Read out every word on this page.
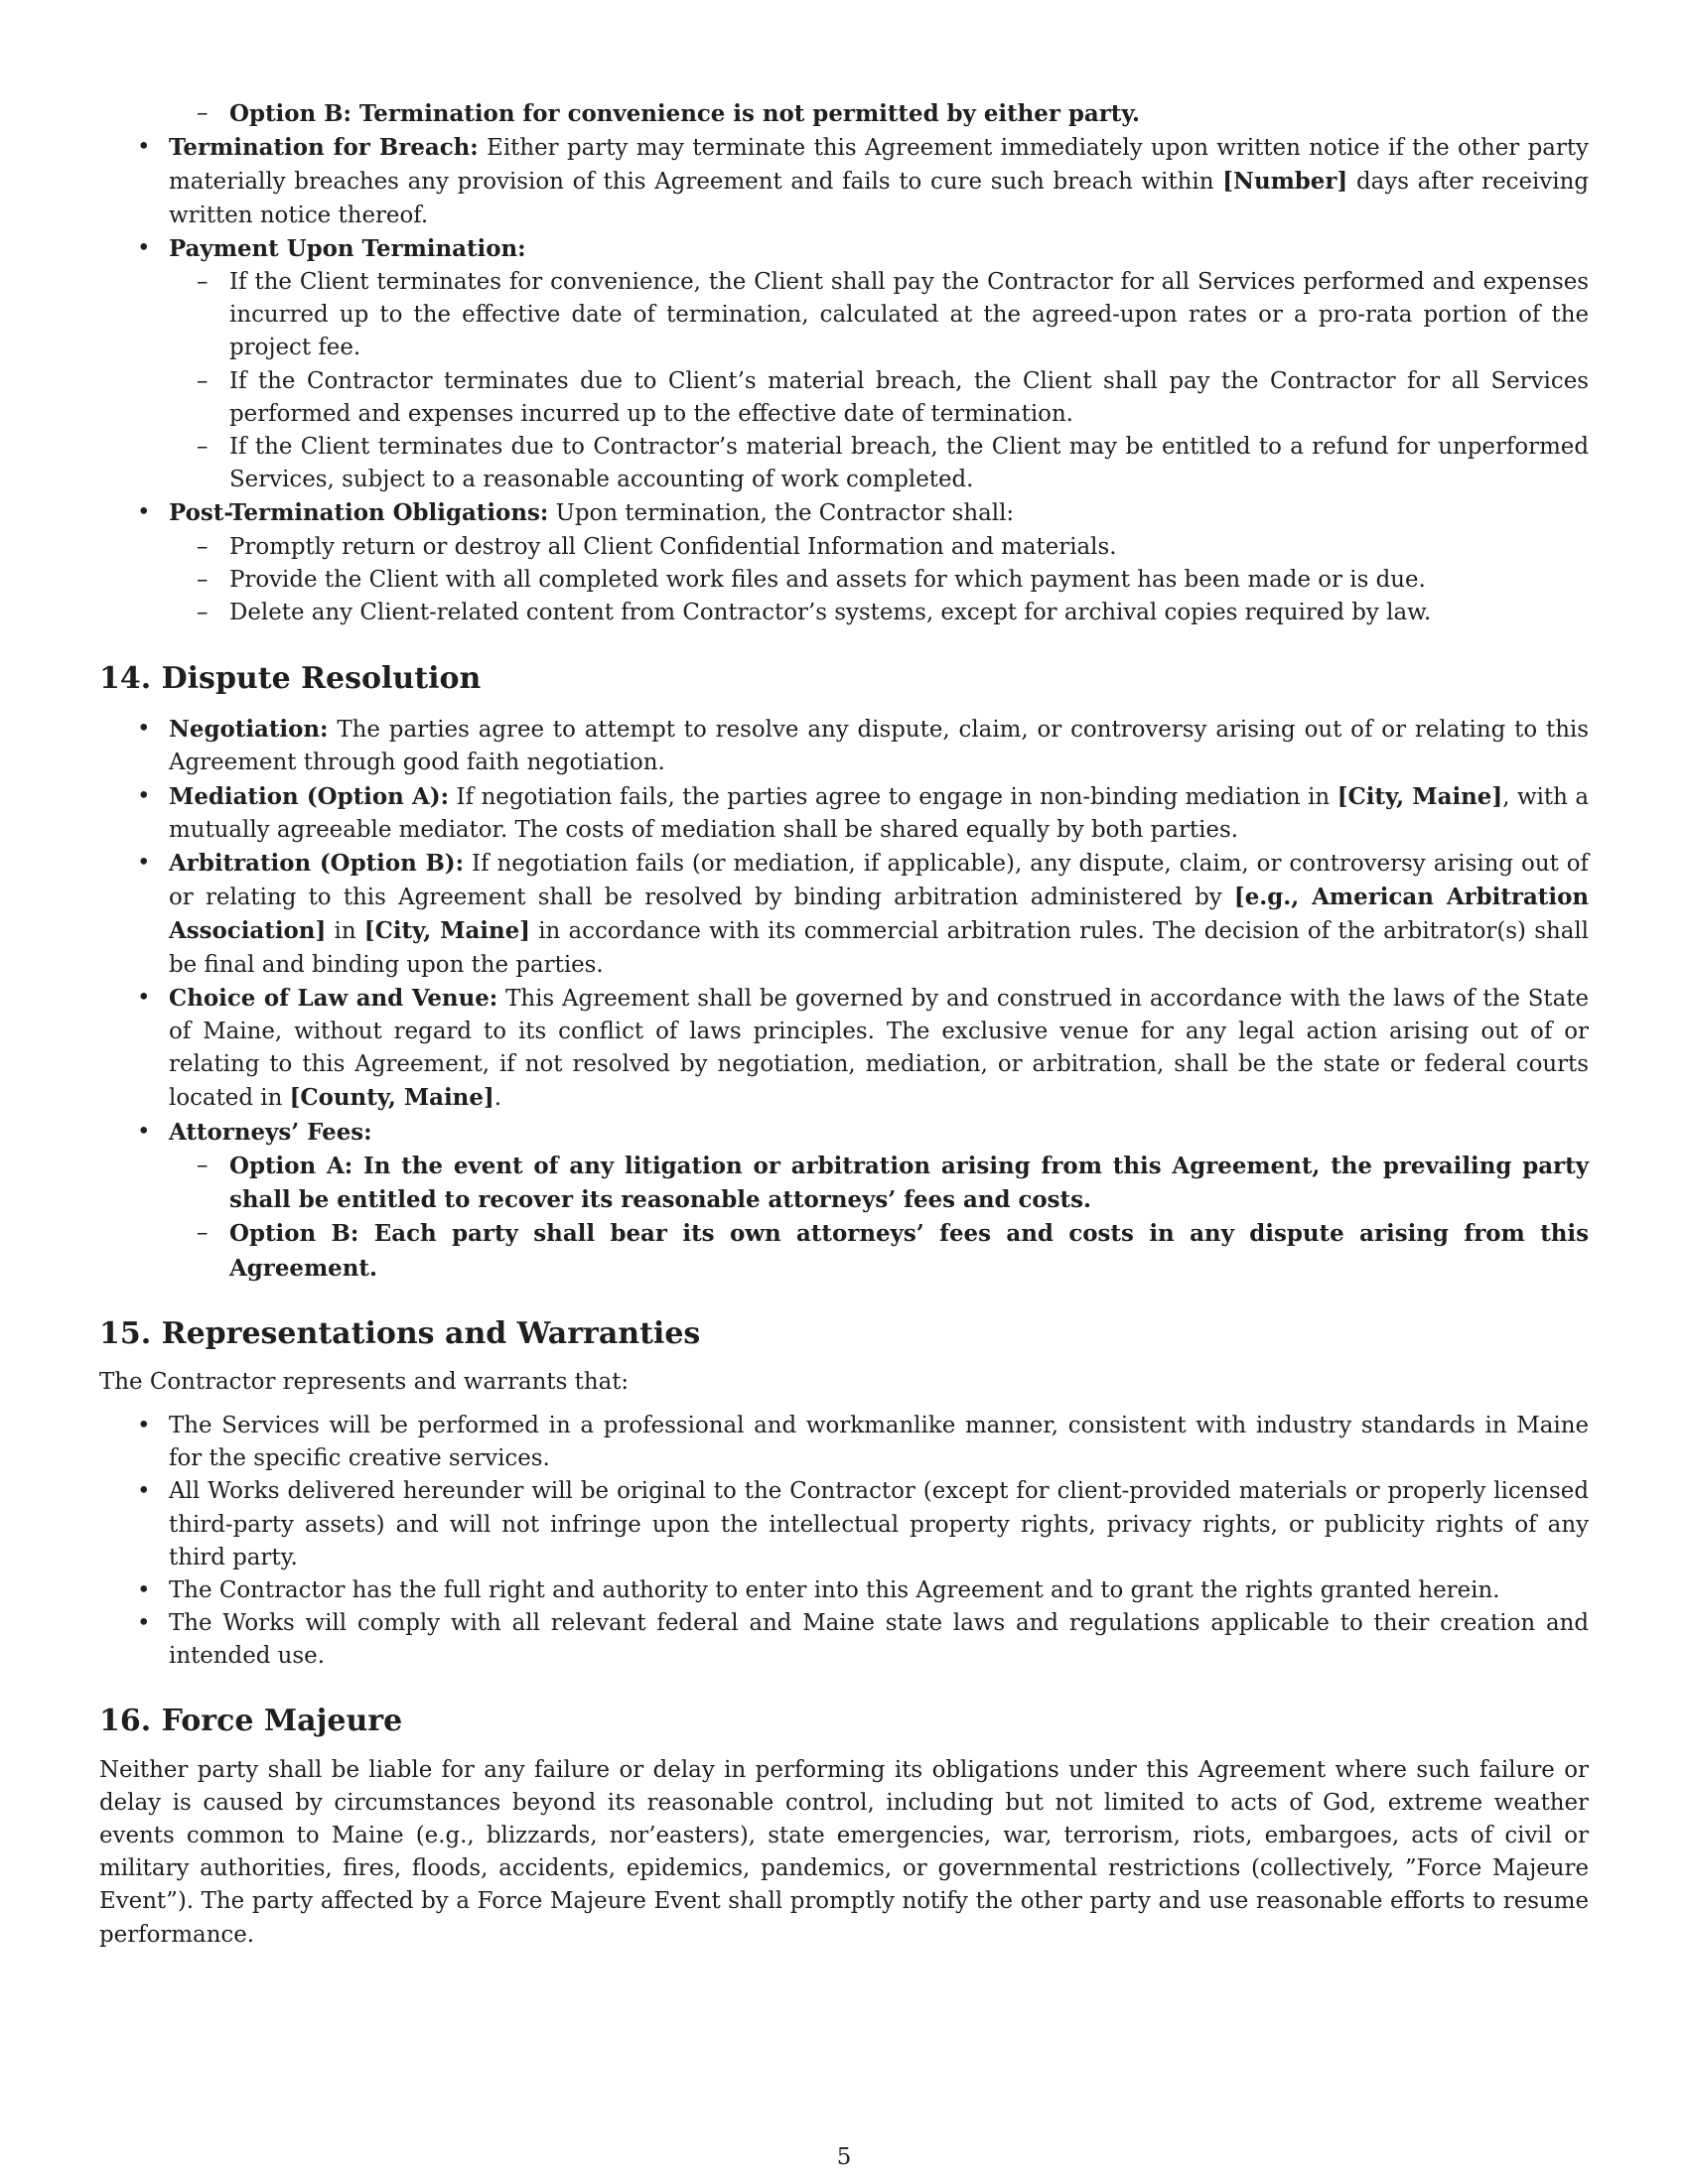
– Option B: Termination for convenience is not permitted by either party.
• Termination for Breach: Either party may terminate this Agreement immediately upon written notice if the other party materially breaches any provision of this Agreement and fails to cure such breach within [Number] days after receiving written notice thereof.
• Payment Upon Termination:
– If the Client terminates for convenience, the Client shall pay the Contractor for all Services performed and expenses incurred up to the effective date of termination, calculated at the agreed-upon rates or a pro-rata portion of the project fee.
– If the Contractor terminates due to Client’s material breach, the Client shall pay the Contractor for all Services performed and expenses incurred up to the effective date of termination.
– If the Client terminates due to Contractor’s material breach, the Client may be entitled to a refund for unperformed Services, subject to a reasonable accounting of work completed.
• Post-Termination Obligations: Upon termination, the Contractor shall:
– Promptly return or destroy all Client Confidential Information and materials.
– Provide the Client with all completed work files and assets for which payment has been made or is due.
– Delete any Client-related content from Contractor’s systems, except for archival copies required by law.
14. Dispute Resolution
• Negotiation: The parties agree to attempt to resolve any dispute, claim, or controversy arising out of or relating to this Agreement through good faith negotiation.
• Mediation (Option A): If negotiation fails, the parties agree to engage in non-binding mediation in [City, Maine], with a mutually agreeable mediator. The costs of mediation shall be shared equally by both parties.
• Arbitration (Option B): If negotiation fails (or mediation, if applicable), any dispute, claim, or controversy arising out of or relating to this Agreement shall be resolved by binding arbitration administered by [e.g., American Arbitration Association] in [City, Maine] in accordance with its commercial arbitration rules. The decision of the arbitrator(s) shall be final and binding upon the parties.
• Choice of Law and Venue: This Agreement shall be governed by and construed in accordance with the laws of the State of Maine, without regard to its conflict of laws principles. The exclusive venue for any legal action arising out of or relating to this Agreement, if not resolved by negotiation, mediation, or arbitration, shall be the state or federal courts located in [County, Maine].
• Attorneys’ Fees:
– Option A: In the event of any litigation or arbitration arising from this Agreement, the prevailing party shall be entitled to recover its reasonable attorneys’ fees and costs.
– Option B: Each party shall bear its own attorneys’ fees and costs in any dispute arising from this Agreement.
15. Representations and Warranties

The Contractor represents and warrants that:

• The Services will be performed in a professional and workmanlike manner, consistent with industry standards in Maine for the specific creative services.
• All Works delivered hereunder will be original to the Contractor (except for client-provided materials or properly licensed third-party assets) and will not infringe upon the intellectual property rights, privacy rights, or publicity rights of any third party.
• The Contractor has the full right and authority to enter into this Agreement and to grant the rights granted herein.
• The Works will comply with all relevant federal and Maine state laws and regulations applicable to their creation and intended use.
16. Force Majeure

Neither party shall be liable for any failure or delay in performing its obligations under this Agreement where such failure or delay is caused by circumstances beyond its reasonable control, including but not limited to acts of God, extreme weather events common to Maine (e.g., blizzards, nor’easters), state emergencies, war, terrorism, riots, embargoes, acts of civil or military authorities, fires, floods, accidents, epidemics, pandemics, or governmental restrictions (collectively, ”Force Majeure Event”). The party affected by a Force Majeure Event shall promptly notify the other party and use reasonable efforts to resume performance.

5
